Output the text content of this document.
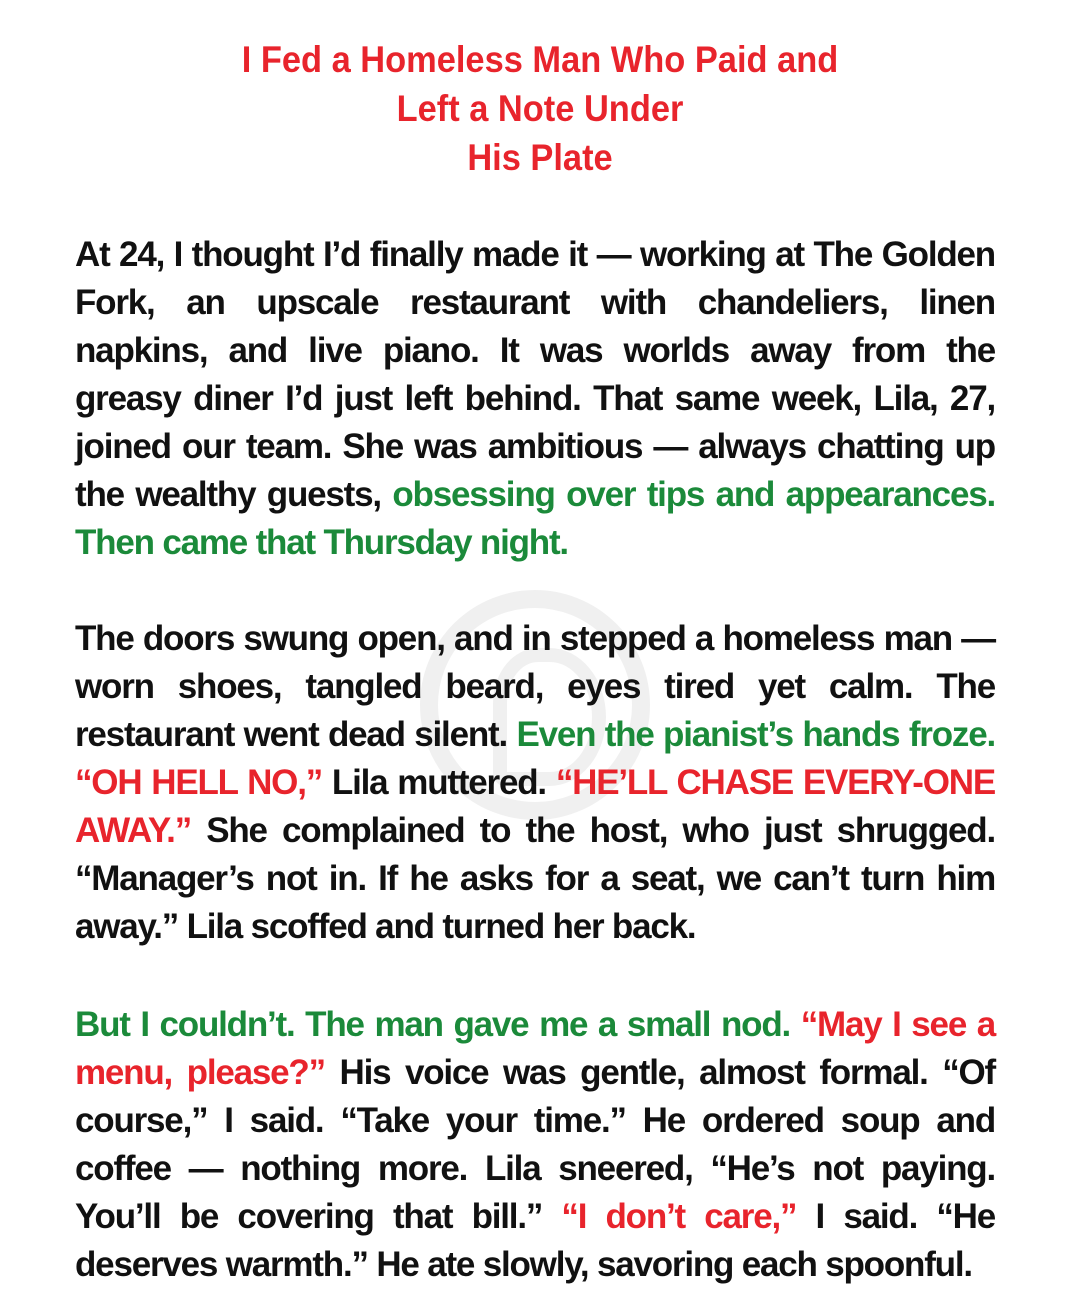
I Fed a Homeless Man Who Paid and
Left a Note Under
His Plate

At 24, I thought I’d finally made it — working at The Golden Fork, an upscale restaurant with chandeliers, linen napkins, and live piano. It was worlds away from the greasy diner I’d just left behind. That same week, Lila, 27, joined our team. She was ambitious — always chatting up the wealthy guests, obsessing over tips and appearances. Then came that Thursday night.

The doors swung open, and in stepped a homeless man — worn shoes, tangled beard, eyes tired yet calm. The restaurant went dead silent. Even the pianist’s hands froze. “OH HELL NO,” Lila muttered. “HE’LL CHASE EVERY-ONE AWAY.” She complained to the host, who just shrugged. “Manager’s not in. If he asks for a seat, we can’t turn him away.” Lila scoffed and turned her back.

But I couldn’t. The man gave me a small nod. “May I see a menu, please?” His voice was gentle, almost formal. “Of course,” I said. “Take your time.” He ordered soup and coffee — nothing more. Lila sneered, “He’s not paying. You’ll be covering that bill.” “I don’t care,” I said. “He deserves warmth.” He ate slowly, savoring each spoonful.
